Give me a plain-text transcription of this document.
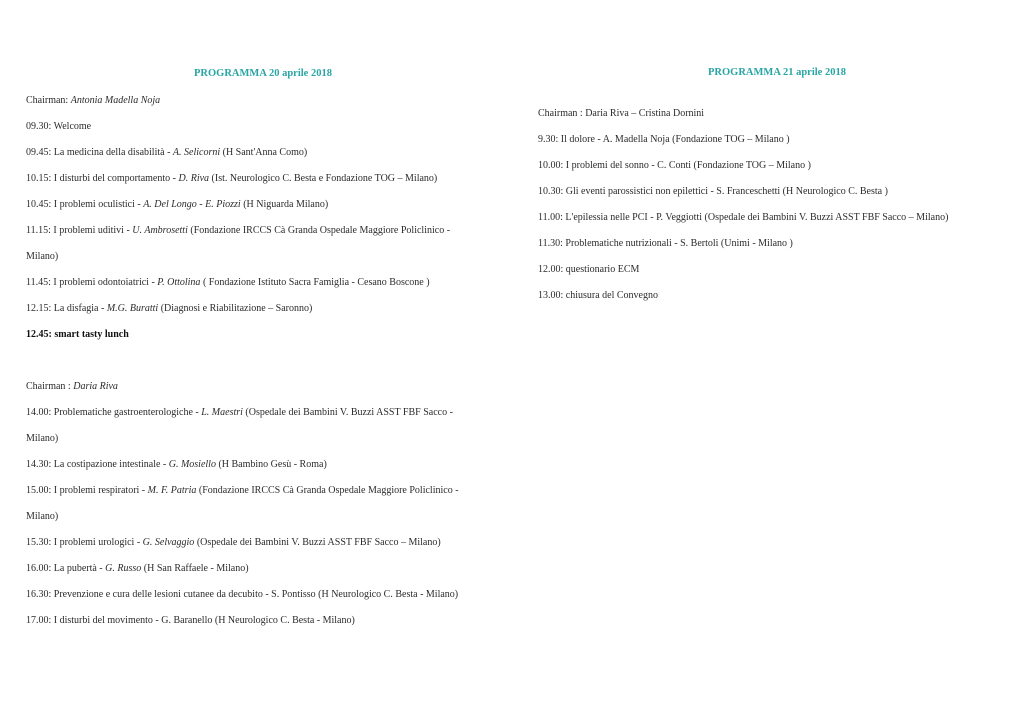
PROGRAMMA 20 aprile 2018

Chairman: Antonia Madella Noja

09.30: Welcome

09.45: La medicina della disabilità - A. Selicorni (H Sant'Anna Como)

10.15: I disturbi del comportamento - D. Riva (Ist. Neurologico C. Besta e Fondazione TOG – Milano)

10.45: I problemi oculistici - A. Del Longo - E. Piozzi (H Niguarda Milano)

11.15: I problemi uditivi - U. Ambrosetti (Fondazione IRCCS Cà Granda Ospedale Maggiore Policlinico -

Milano)

11.45: I problemi odontoiatrici - P. Ottolina ( Fondazione Istituto Sacra Famiglia - Cesano Boscone )

12.15: La disfagia - M.G. Buratti (Diagnosi e Riabilitazione – Saronno)

12.45: smart tasty lunch

Chairman : Daria Riva

14.00: Problematiche gastroenterologiche - L. Maestri (Ospedale dei Bambini V. Buzzi ASST FBF Sacco -

Milano)

14.30: La costipazione intestinale - G. Mosiello (H Bambino Gesù - Roma)

15.00: I problemi respiratori - M. F. Patria (Fondazione IRCCS Cà Granda Ospedale Maggiore Policlinico -

Milano)

15.30: I problemi urologici - G. Selvaggio (Ospedale dei Bambini V. Buzzi ASST FBF Sacco – Milano)

16.00: La pubertà - G. Russo (H San Raffaele - Milano)

16.30: Prevenzione e cura delle lesioni cutanee da decubito - S. Pontisso (H Neurologico C. Besta - Milano)

17.00: I disturbi del movimento - G. Baranello (H Neurologico C. Besta - Milano)

PROGRAMMA 21 aprile 2018

Chairman : Daria Riva – Cristina Dornini

9.30: Il dolore - A. Madella Noja (Fondazione TOG – Milano )

10.00: I problemi del sonno - C. Conti (Fondazione TOG – Milano )

10.30: Gli eventi parossistici non epilettici - S. Franceschetti (H Neurologico C. Besta )

11.00: L'epilessia nelle PCI - P. Veggiotti (Ospedale dei Bambini V. Buzzi ASST FBF Sacco – Milano)

11.30: Problematiche nutrizionali - S. Bertoli (Unimi - Milano )

12.00: questionario ECM

13.00: chiusura del Convegno
